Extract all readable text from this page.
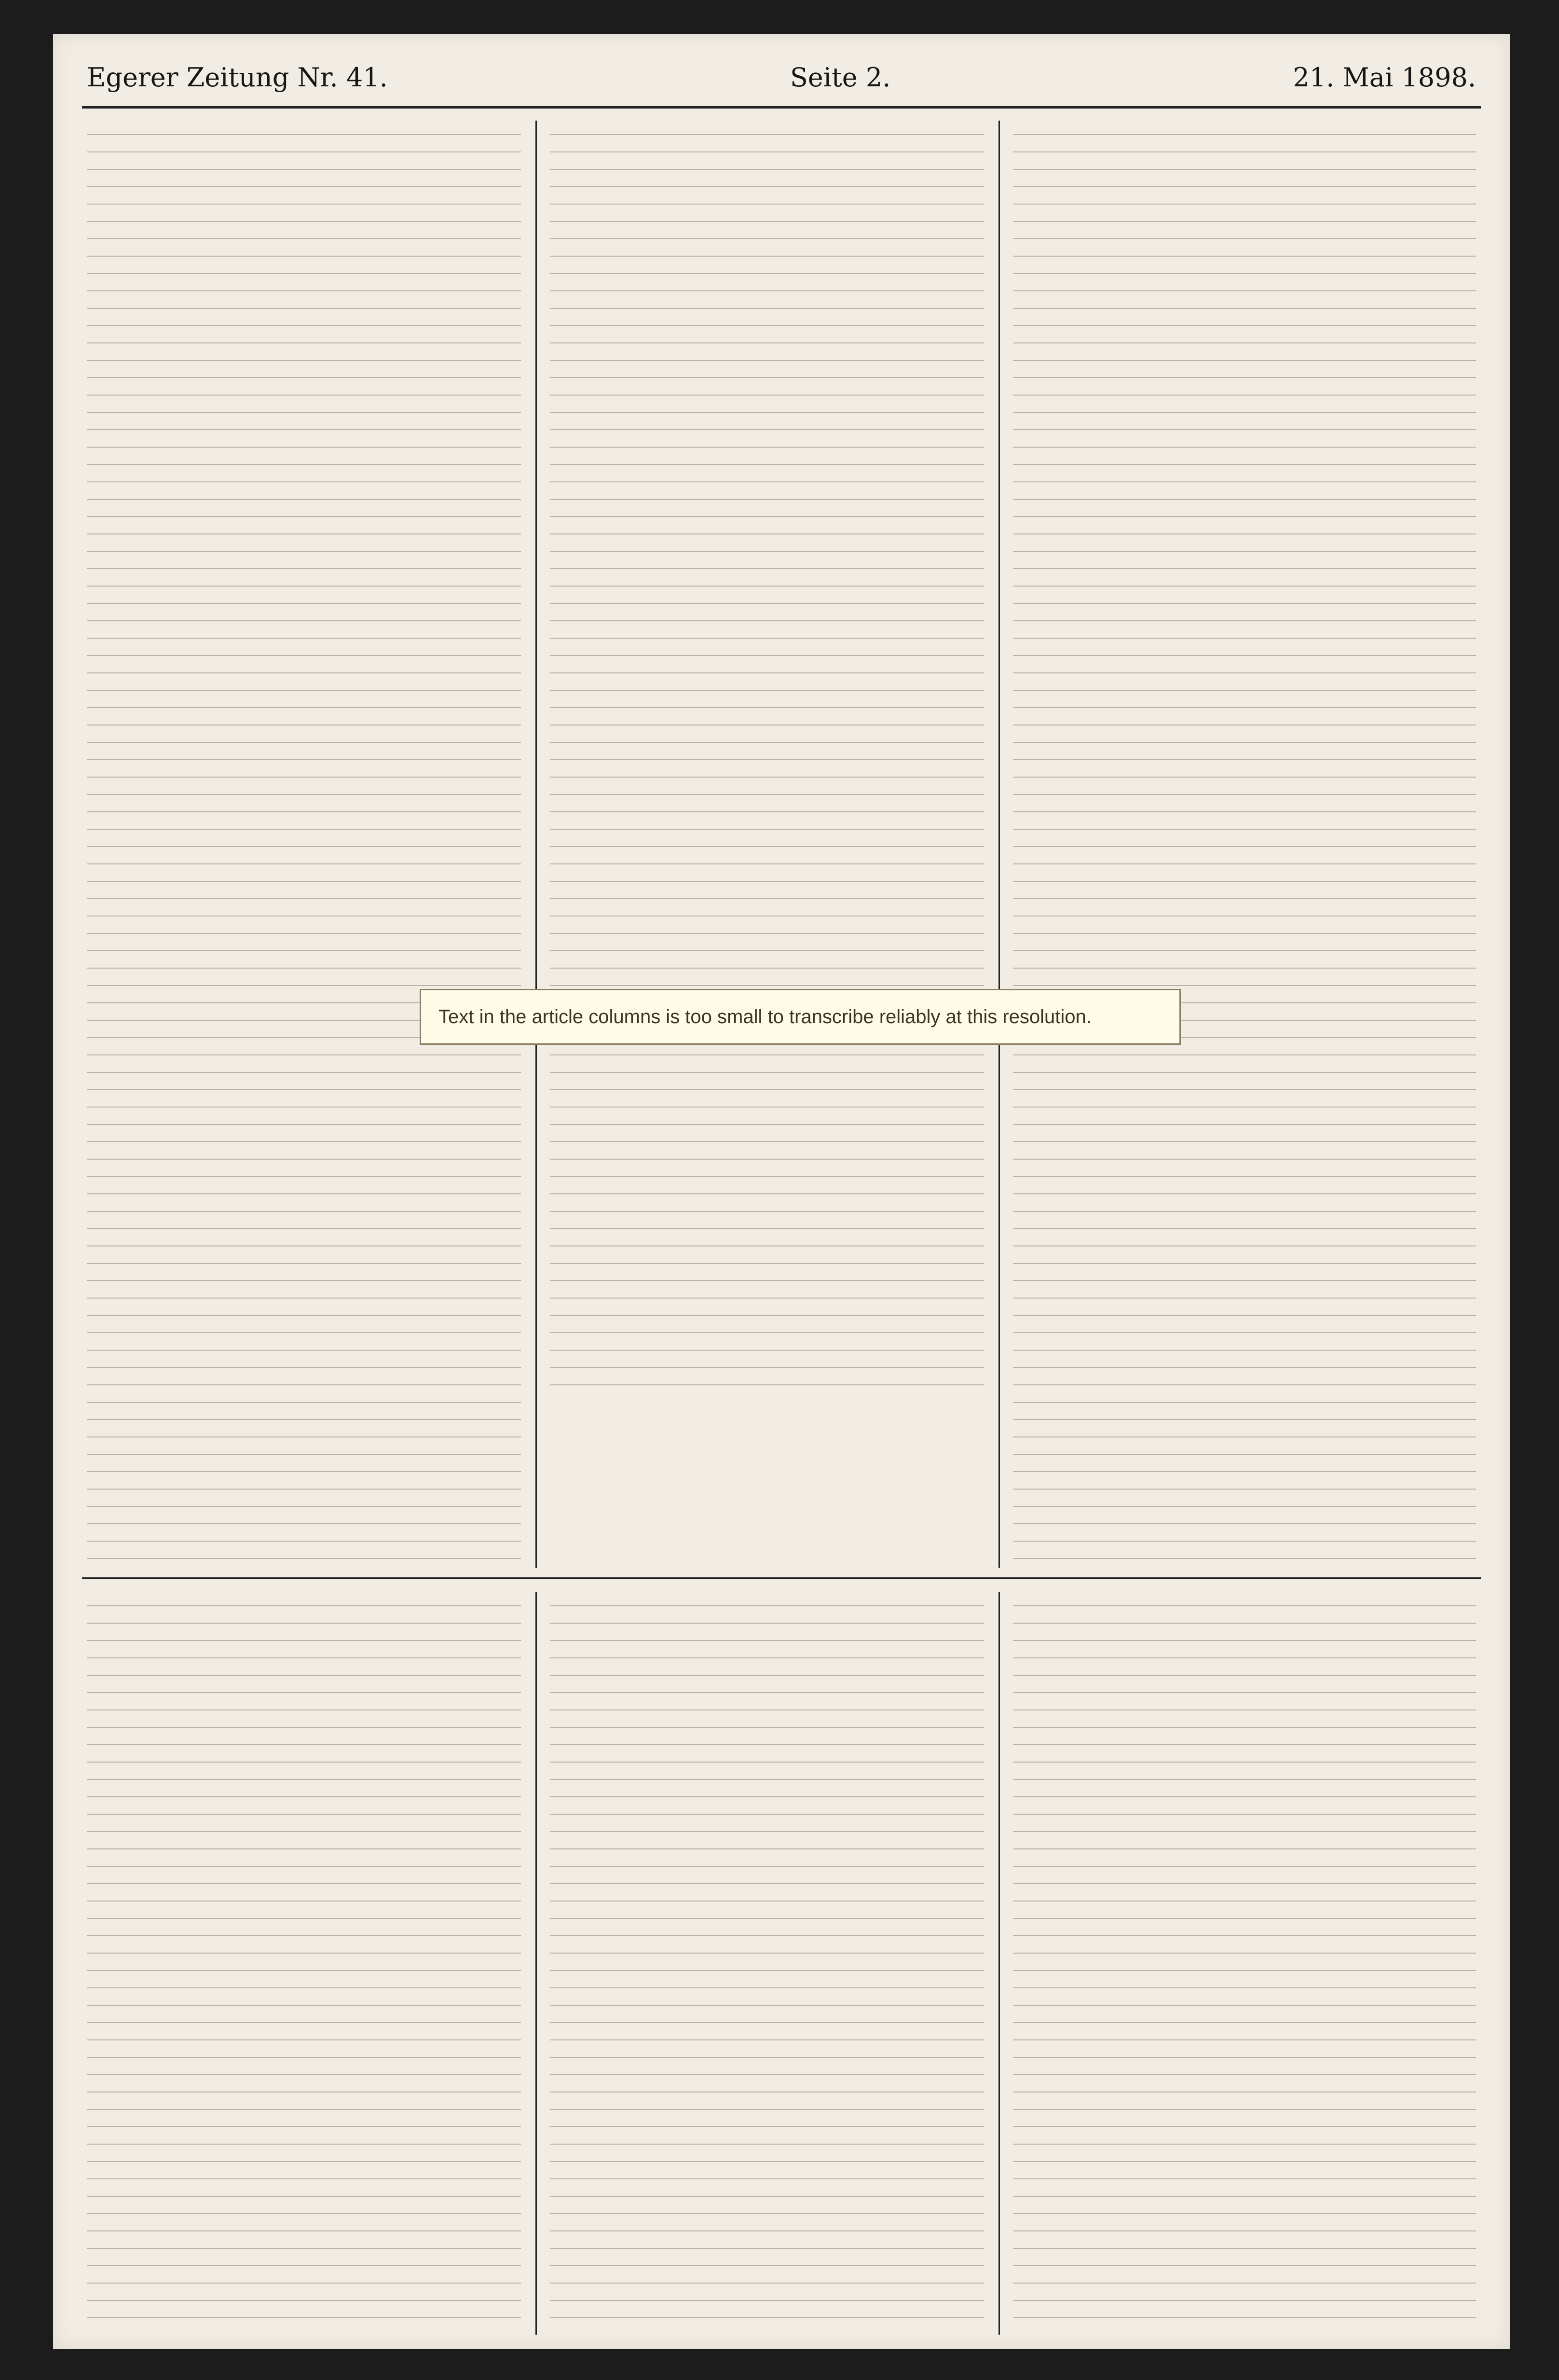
Egerer Zeitung Nr. 41.	Seite 2.	21. Mai 1898.
Text in the article columns is too small to transcribe reliably at this resolution.
